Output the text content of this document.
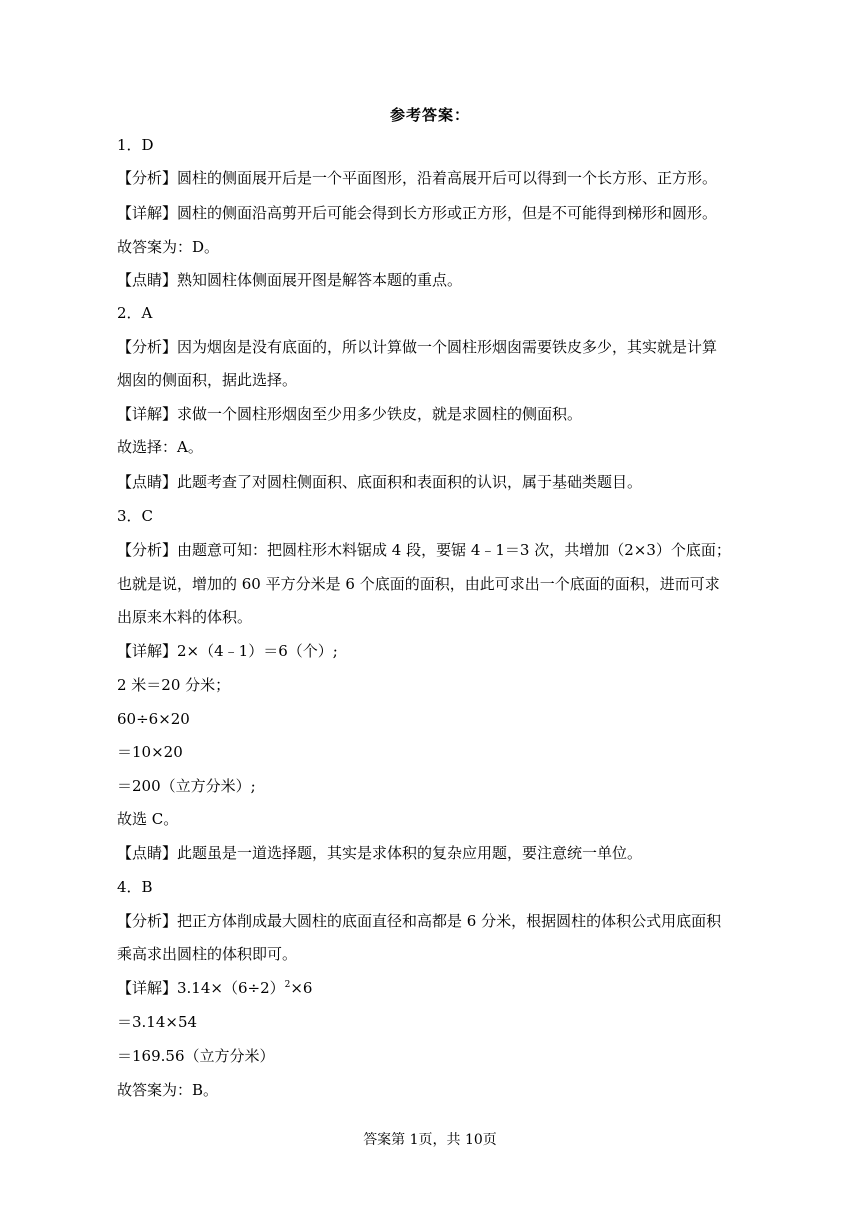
参考答案：
1．D
【分析】圆柱的侧面展开后是一个平面图形，沿着高展开后可以得到一个长方形、正方形。
【详解】圆柱的侧面沿高剪开后可能会得到长方形或正方形，但是不可能得到梯形和圆形。
故答案为：D。
【点睛】熟知圆柱体侧面展开图是解答本题的重点。
2．A
【分析】因为烟囱是没有底面的，所以计算做一个圆柱形烟囱需要铁皮多少，其实就是计算
烟囱的侧面积，据此选择。
【详解】求做一个圆柱形烟囱至少用多少铁皮，就是求圆柱的侧面积。
故选择：A。
【点睛】此题考查了对圆柱侧面积、底面积和表面积的认识，属于基础类题目。
3．C
【分析】由题意可知：把圆柱形木料锯成 4 段，要锯 4﹣1＝3 次，共增加（2×3）个底面；
也就是说，增加的 60 平方分米是 6 个底面的面积，由此可求出一个底面的面积，进而可求
出原来木料的体积。
【详解】2×（4﹣1）＝6（个）;
2 米＝20 分米；
60÷6×20
＝10×20
＝200（立方分米）;
故选 C。
【点睛】此题虽是一道选择题，其实是求体积的复杂应用题，要注意统一单位。
4．B
【分析】把正方体削成最大圆柱的底面直径和高都是 6 分米，根据圆柱的体积公式用底面积
乘高求出圆柱的体积即可。
【详解】$3.14\times(6\div 2)^2\times 6$
＝3.14×54
＝169.56（立方分米）
故答案为：B。
答案第 1页，共 10页
